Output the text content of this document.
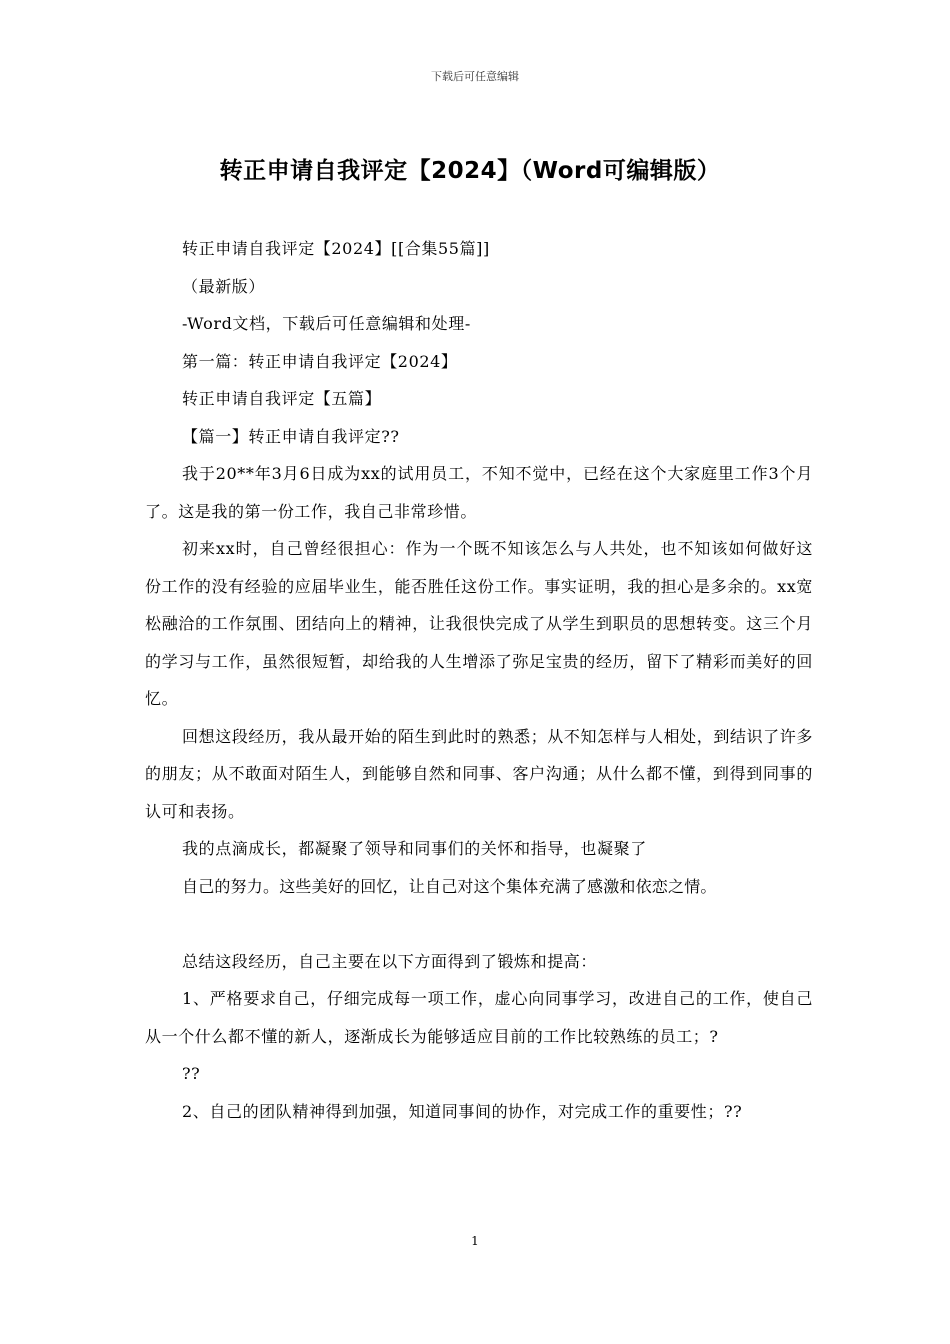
下载后可任意编辑
转正申请自我评定【2024】（Word可编辑版）

转正申请自我评定【2024】[[合集55篇]]

（最新版）

-Word文档，下载后可任意编辑和处理-

第一篇：转正申请自我评定【2024】

转正申请自我评定【五篇】

【篇一】转正申请自我评定??

我于20**年3月6日成为xx的试用员工，不知不觉中，已经在这个大家庭里工作3个月了。这是我的第一份工作，我自己非常珍惜。

初来xx时，自己曾经很担心：作为一个既不知该怎么与人共处，也不知该如何做好这份工作的没有经验的应届毕业生，能否胜任这份工作。事实证明，我的担心是多余的。xx宽松融洽的工作氛围、团结向上的精神，让我很快完成了从学生到职员的思想转变。这三个月的学习与工作，虽然很短暂，却给我的人生增添了弥足宝贵的经历，留下了精彩而美好的回忆。

回想这段经历，我从最开始的陌生到此时的熟悉；从不知怎样与人相处，到结识了许多的朋友；从不敢面对陌生人，到能够自然和同事、客户沟通；从什么都不懂，到得到同事的认可和表扬。

我的点滴成长，都凝聚了领导和同事们的关怀和指导，也凝聚了

自己的努力。这些美好的回忆，让自己对这个集体充满了感激和依恋之情。

总结这段经历，自己主要在以下方面得到了锻炼和提高：

1、严格要求自己，仔细完成每一项工作，虚心向同事学习，改进自己的工作，使自己从一个什么都不懂的新人，逐渐成长为能够适应目前的工作比较熟练的员工；?

??

2、自己的团队精神得到加强，知道同事间的协作，对完成工作的重要性；??

1
